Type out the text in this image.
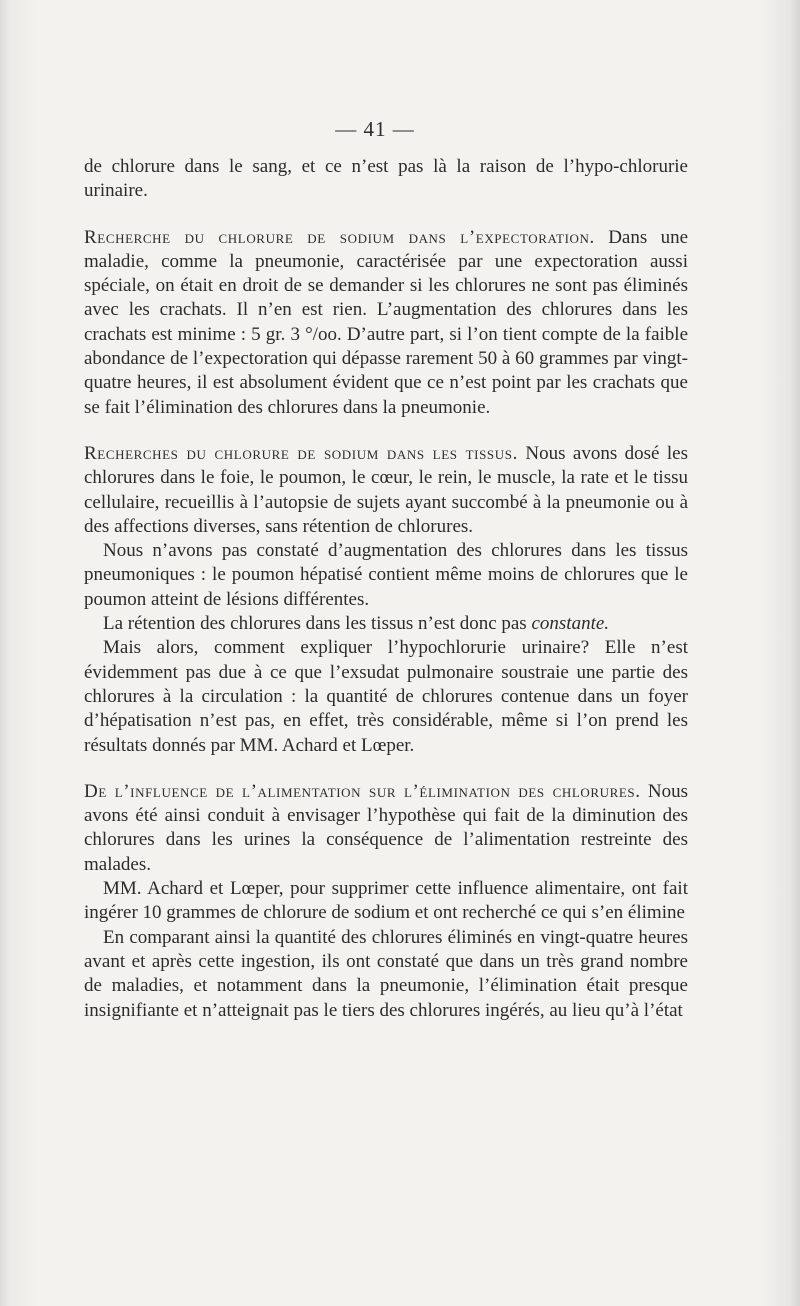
— 41 —

de chlorure dans le sang, et ce n’est pas là la raison de l’hypo-chlorurie urinaire.

Recherche du chlorure de sodium dans l’expectoration. Dans une maladie, comme la pneumonie, caractérisée par une expectoration aussi spéciale, on était en droit de se demander si les chlorures ne sont pas éliminés avec les crachats. Il n’en est rien. L’augmentation des chlorures dans les crachats est minime : 5 gr. 3 °/oo. D’autre part, si l’on tient compte de la faible abondance de l’expectoration qui dépasse rarement 50 à 60 grammes par vingt-quatre heures, il est absolument évident que ce n’est point par les crachats que se fait l’élimination des chlorures dans la pneumonie.

Recherches du chlorure de sodium dans les tissus. Nous avons dosé les chlorures dans le foie, le poumon, le cœur, le rein, le muscle, la rate et le tissu cellulaire, recueillis à l’autopsie de sujets ayant succombé à la pneumonie ou à des affections diverses, sans rétention de chlorures.

Nous n’avons pas constaté d’augmentation des chlorures dans les tissus pneumoniques : le poumon hépatisé contient même moins de chlorures que le poumon atteint de lésions différentes.

La rétention des chlorures dans les tissus n’est donc pas constante.

Mais alors, comment expliquer l’hypochlorurie urinaire? Elle n’est évidemment pas due à ce que l’exsudat pulmonaire soustraie une partie des chlorures à la circulation : la quantité de chlorures contenue dans un foyer d’hépatisation n’est pas, en effet, très considérable, même si l’on prend les résultats donnés par MM. Achard et Lœper.

De l’influence de l’alimentation sur l’élimination des chlorures. Nous avons été ainsi conduit à envisager l’hypothèse qui fait de la diminution des chlorures dans les urines la conséquence de l’alimentation restreinte des malades.

MM. Achard et Lœper, pour supprimer cette influence alimentaire, ont fait ingérer 10 grammes de chlorure de sodium et ont recherché ce qui s’en élimine

En comparant ainsi la quantité des chlorures éliminés en vingt-quatre heures avant et après cette ingestion, ils ont constaté que dans un très grand nombre de maladies, et notamment dans la pneumonie, l’élimination était presque insignifiante et n’atteignait pas le tiers des chlorures ingérés, au lieu qu’à l’état
